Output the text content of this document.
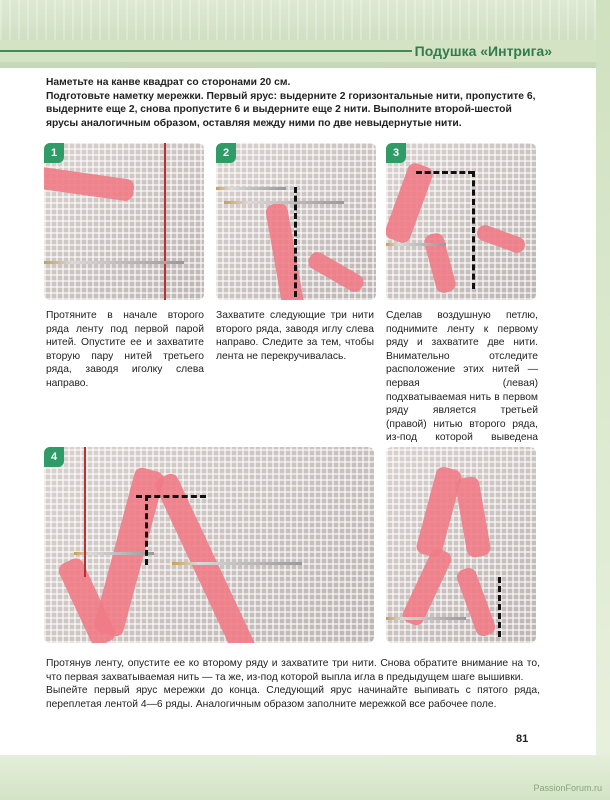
Подушка «Интрига»

Наметьте на канве квадрат со сторонами 20 см.

Подготовьте наметку мережки. Первый ярус: выдерните 2 горизонтальные нити, пропустите 6, выдерните еще 2, снова пропустите 6 и выдерните еще 2 нити. Выполните второй-шестой ярусы аналогичным образом, оставляя между ними по две невыдернутые нити.

1	2	3

Протяните в начале второго ряда ленту под первой парой нитей. Опустите ее и захватите вторую пару нитей третьего ряда, заводя иголку слева направо.

Захватите следующие три нити второго ряда, заводя иглу слева направо. Следите за тем, чтобы лента не перекручивалась.

Сделав воздушную петлю, поднимите ленту к первому ряду и захватите две нити. Внимательно отследите расположение этих нитей — первая (левая) подхватываемая нить в первом ряду является третьей (правой) нитью второго ряда, из-под которой выведена

4

Протянув ленту, опустите ее ко второму ряду и захватите три нити. Снова обратите внимание на то, что первая захватываемая нить — та же, из-под которой выпла игла в предыдущем шаге вышивки.

Выпейте первый ярус мережки до конца. Следующий ярус начинайте выпивать с пятого ряда, переплетая лентой 4—6 ряды. Аналогичным образом заполните мережкой все рабочее поле.

81
PassionForum.ru
